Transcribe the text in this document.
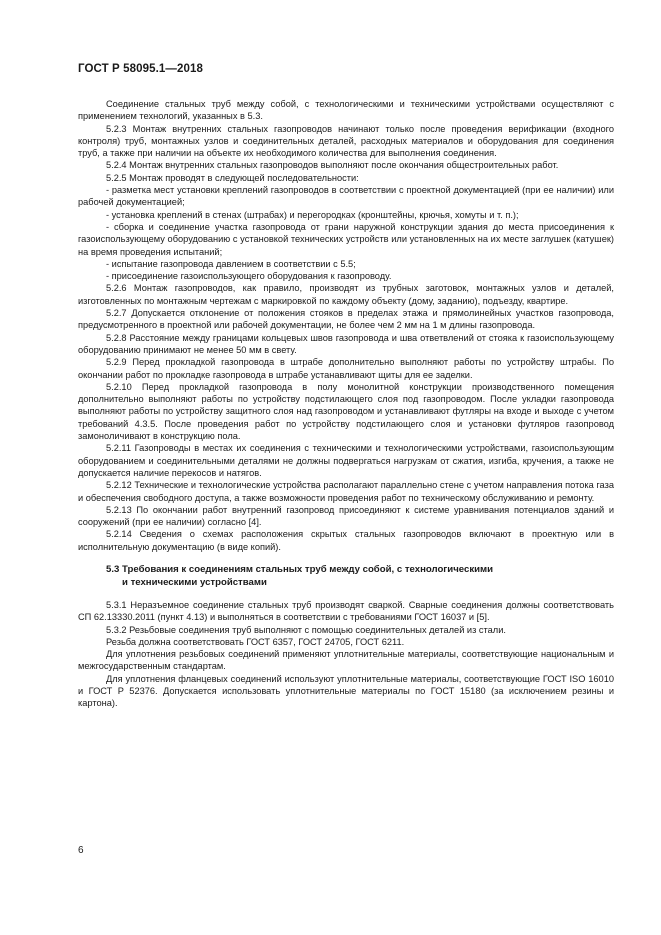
ГОСТ Р 58095.1—2018

Соединение стальных труб между собой, с технологическими и техническими устройствами осуществляют с применением технологий, указанных в 5.3.

5.2.3 Монтаж внутренних стальных газопроводов начинают только после проведения верификации (входного контроля) труб, монтажных узлов и соединительных деталей, расходных материалов и оборудования для соединения труб, а также при наличии на объекте их необходимого количества для выполнения соединения.

5.2.4 Монтаж внутренних стальных газопроводов выполняют после окончания общестроительных работ.

5.2.5 Монтаж проводят в следующей последовательности:

- разметка мест установки креплений газопроводов в соответствии с проектной документацией (при ее наличии) или рабочей документацией;

- установка креплений в стенах (штрабах) и перегородках (кронштейны, крючья, хомуты и т. п.);

- сборка и соединение участка газопровода от грани наружной конструкции здания до места присоединения к газоиспользующему оборудованию с установкой технических устройств или установленных на их месте заглушек (катушек) на время проведения испытаний;

- испытание газопровода давлением в соответствии с 5.5;

- присоединение газоиспользующего оборудования к газопроводу.

5.2.6 Монтаж газопроводов, как правило, производят из трубных заготовок, монтажных узлов и деталей, изготовленных по монтажным чертежам с маркировкой по каждому объекту (дому, заданию), подъезду, квартире.

5.2.7 Допускается отклонение от положения стояков в пределах этажа и прямолинейных участков газопровода, предусмотренного в проектной или рабочей документации, не более чем 2 мм на 1 м длины газопровода.

5.2.8 Расстояние между границами кольцевых швов газопровода и шва ответвлений от стояка к газоиспользующему оборудованию принимают не менее 50 мм в свету.

5.2.9 Перед прокладкой газопровода в штрабе дополнительно выполняют работы по устройству штрабы. По окончании работ по прокладке газопровода в штрабе устанавливают щиты для ее заделки.

5.2.10 Перед прокладкой газопровода в полу монолитной конструкции производственного помещения дополнительно выполняют работы по устройству подстилающего слоя под газопроводом. После укладки газопровода выполняют работы по устройству защитного слоя над газопроводом и устанавливают футляры на входе и выходе с учетом требований 4.3.5. После проведения работ по устройству подстилающего слоя и установки футляров газопровод замоноличивают в конструкцию пола.

5.2.11 Газопроводы в местах их соединения с техническими и технологическими устройствами, газоиспользующим оборудованием и соединительными деталями не должны подвергаться нагрузкам от сжатия, изгиба, кручения, а также не допускается наличие перекосов и натягов.

5.2.12 Технические и технологические устройства располагают параллельно стене с учетом направления потока газа и обеспечения свободного доступа, а также возможности проведения работ по техническому обслуживанию и ремонту.

5.2.13 По окончании работ внутренний газопровод присоединяют к системе уравнивания потенциалов зданий и сооружений (при ее наличии) согласно [4].

5.2.14 Сведения о схемах расположения скрытых стальных газопроводов включают в проектную или в исполнительную документацию (в виде копий).

5.3 Требования к соединениям стальных труб между собой, с технологическими
и техническими устройствами

5.3.1 Неразъемное соединение стальных труб производят сваркой. Сварные соединения должны соответствовать СП 62.13330.2011 (пункт 4.13) и выполняться в соответствии с требованиями ГОСТ 16037 и [5].

5.3.2 Резьбовые соединения труб выполняют с помощью соединительных деталей из стали.

Резьба должна соответствовать ГОСТ 6357, ГОСТ 24705, ГОСТ 6211.

Для уплотнения резьбовых соединений применяют уплотнительные материалы, соответствующие национальным и межгосударственным стандартам.

Для уплотнения фланцевых соединений используют уплотнительные материалы, соответствующие ГОСТ ISO 16010 и ГОСТ Р 52376. Допускается использовать уплотнительные материалы по ГОСТ 15180 (за исключением резины и картона).

6
